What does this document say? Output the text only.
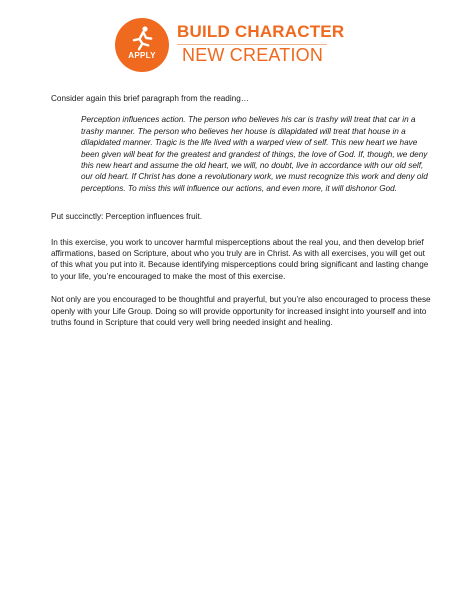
APPLY
BUILD CHARACTER
NEW CREATION

Consider again this brief paragraph from the reading…

Perception influences action. The person who believes his car is trashy will treat that car in a trashy manner. The person who believes her house is dilapidated will treat that house in a dilapidated manner. Tragic is the life lived with a warped view of self. This new heart we have been given will beat for the greatest and grandest of things, the love of God. If, though, we deny this new heart and assume the old heart, we will, no doubt, live in accordance with our old self, our old heart. If Christ has done a revolutionary work, we must recognize this work and deny old perceptions. To miss this will influence our actions, and even more, it will dishonor God.

Put succinctly: Perception influences fruit.

In this exercise, you work to uncover harmful misperceptions about the real you, and then develop brief affirmations, based on Scripture, about who you truly are in Christ. As with all exercises, you will get out of this what you put into it. Because identifying misperceptions could bring significant and lasting change to your life, you’re encouraged to make the most of this exercise.

Not only are you encouraged to be thoughtful and prayerful, but you’re also encouraged to process these openly with your Life Group. Doing so will provide opportunity for increased insight into yourself and into truths found in Scripture that could very well bring needed insight and healing.
